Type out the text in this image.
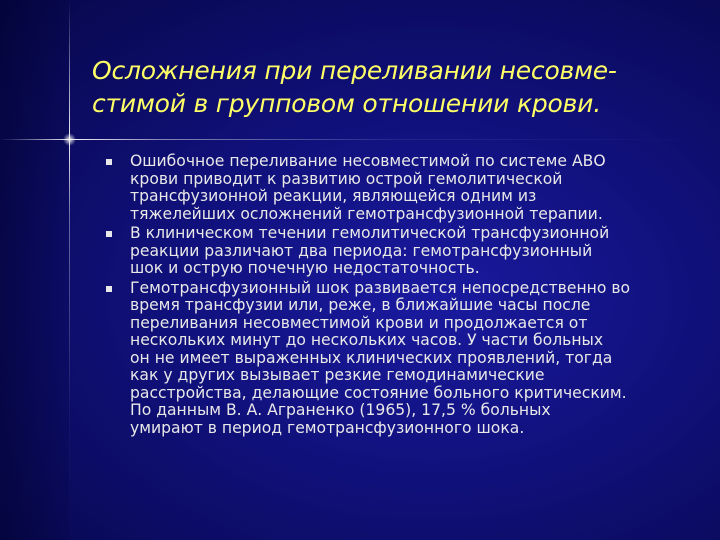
Осложнения при переливании несовме-
стимой в групповом отношении крови.
Ошибочное переливание несовместимой по системе АВО
крови приводит к развитию острой гемолитической
трансфузионной реакции, являющейся одним из
тяжелейших осложнений гемотрансфузионной терапии.
В клиническом течении гемолитической трансфузионной
реакции различают два периода: гемотрансфузионный
шок и острую почечную недостаточность.
Гемотрансфузионный шок развивается непосредственно во
время трансфузии или, реже, в ближайшие часы после
переливания несовместимой крови и продолжается от
нескольких минут до нескольких часов. У части больных
он не имеет выраженных клинических проявлений, тогда
как у других вызывает резкие гемодинамические
расстройства, делающие состояние больного критическим.
По данным В. А. Аграненко (1965), 17,5 % больных
умирают в период гемотрансфузионного шока.
